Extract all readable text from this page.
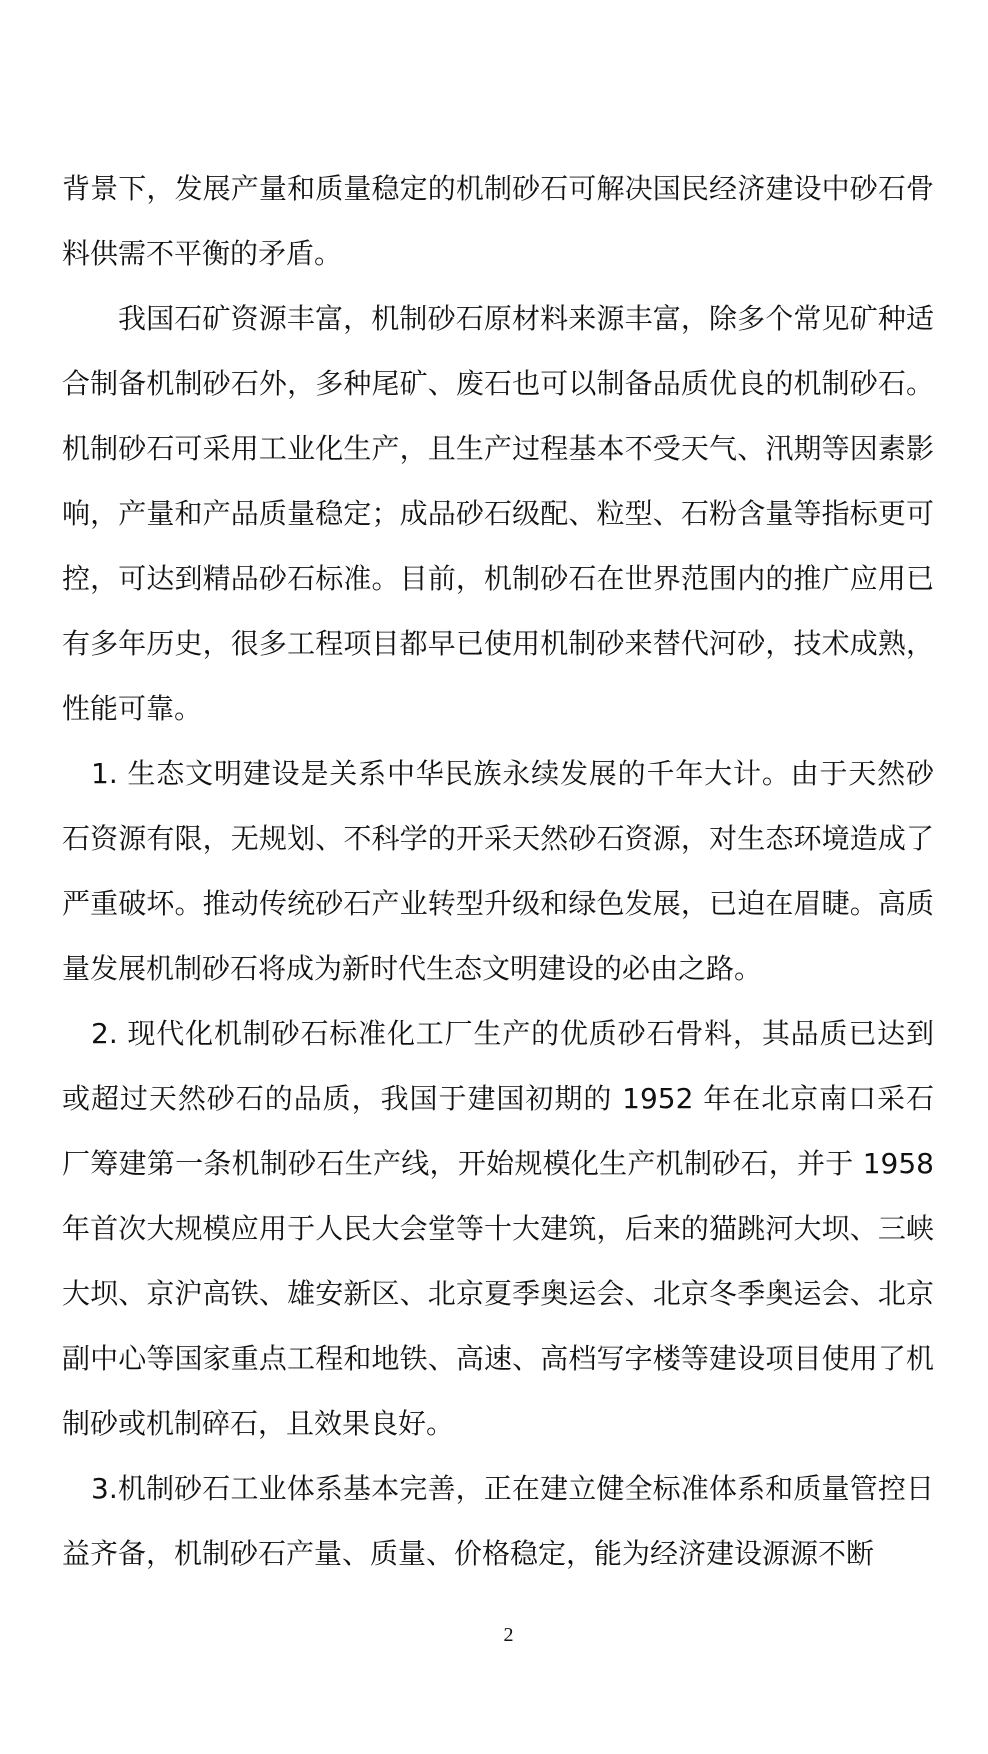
背景下，发展产量和质量稳定的机制砂石可解决国民经济建设中砂石骨料供需不平衡的矛盾。

我国石矿资源丰富，机制砂石原材料来源丰富，除多个常见矿种适合制备机制砂石外，多种尾矿、废石也可以制备品质优良的机制砂石。机制砂石可采用工业化生产，且生产过程基本不受天气、汛期等因素影响，产量和产品质量稳定；成品砂石级配、粒型、石粉含量等指标更可控，可达到精品砂石标准。目前，机制砂石在世界范围内的推广应用已有多年历史，很多工程项目都早已使用机制砂来替代河砂，技术成熟，性能可靠。

1. 生态文明建设是关系中华民族永续发展的千年大计。由于天然砂石资源有限，无规划、不科学的开采天然砂石资源，对生态环境造成了严重破坏。推动传统砂石产业转型升级和绿色发展，已迫在眉睫。高质量发展机制砂石将成为新时代生态文明建设的必由之路。

2. 现代化机制砂石标准化工厂生产的优质砂石骨料，其品质已达到或超过天然砂石的品质，我国于建国初期的 1952 年在北京南口采石厂筹建第一条机制砂石生产线，开始规模化生产机制砂石，并于 1958 年首次大规模应用于人民大会堂等十大建筑，后来的猫跳河大坝、三峡大坝、京沪高铁、雄安新区、北京夏季奥运会、北京冬季奥运会、北京副中心等国家重点工程和地铁、高速、高档写字楼等建设项目使用了机制砂或机制碎石，且效果良好。

3.机制砂石工业体系基本完善，正在建立健全标准体系和质量管控日益齐备，机制砂石产量、质量、价格稳定，能为经济建设源源不断

2
